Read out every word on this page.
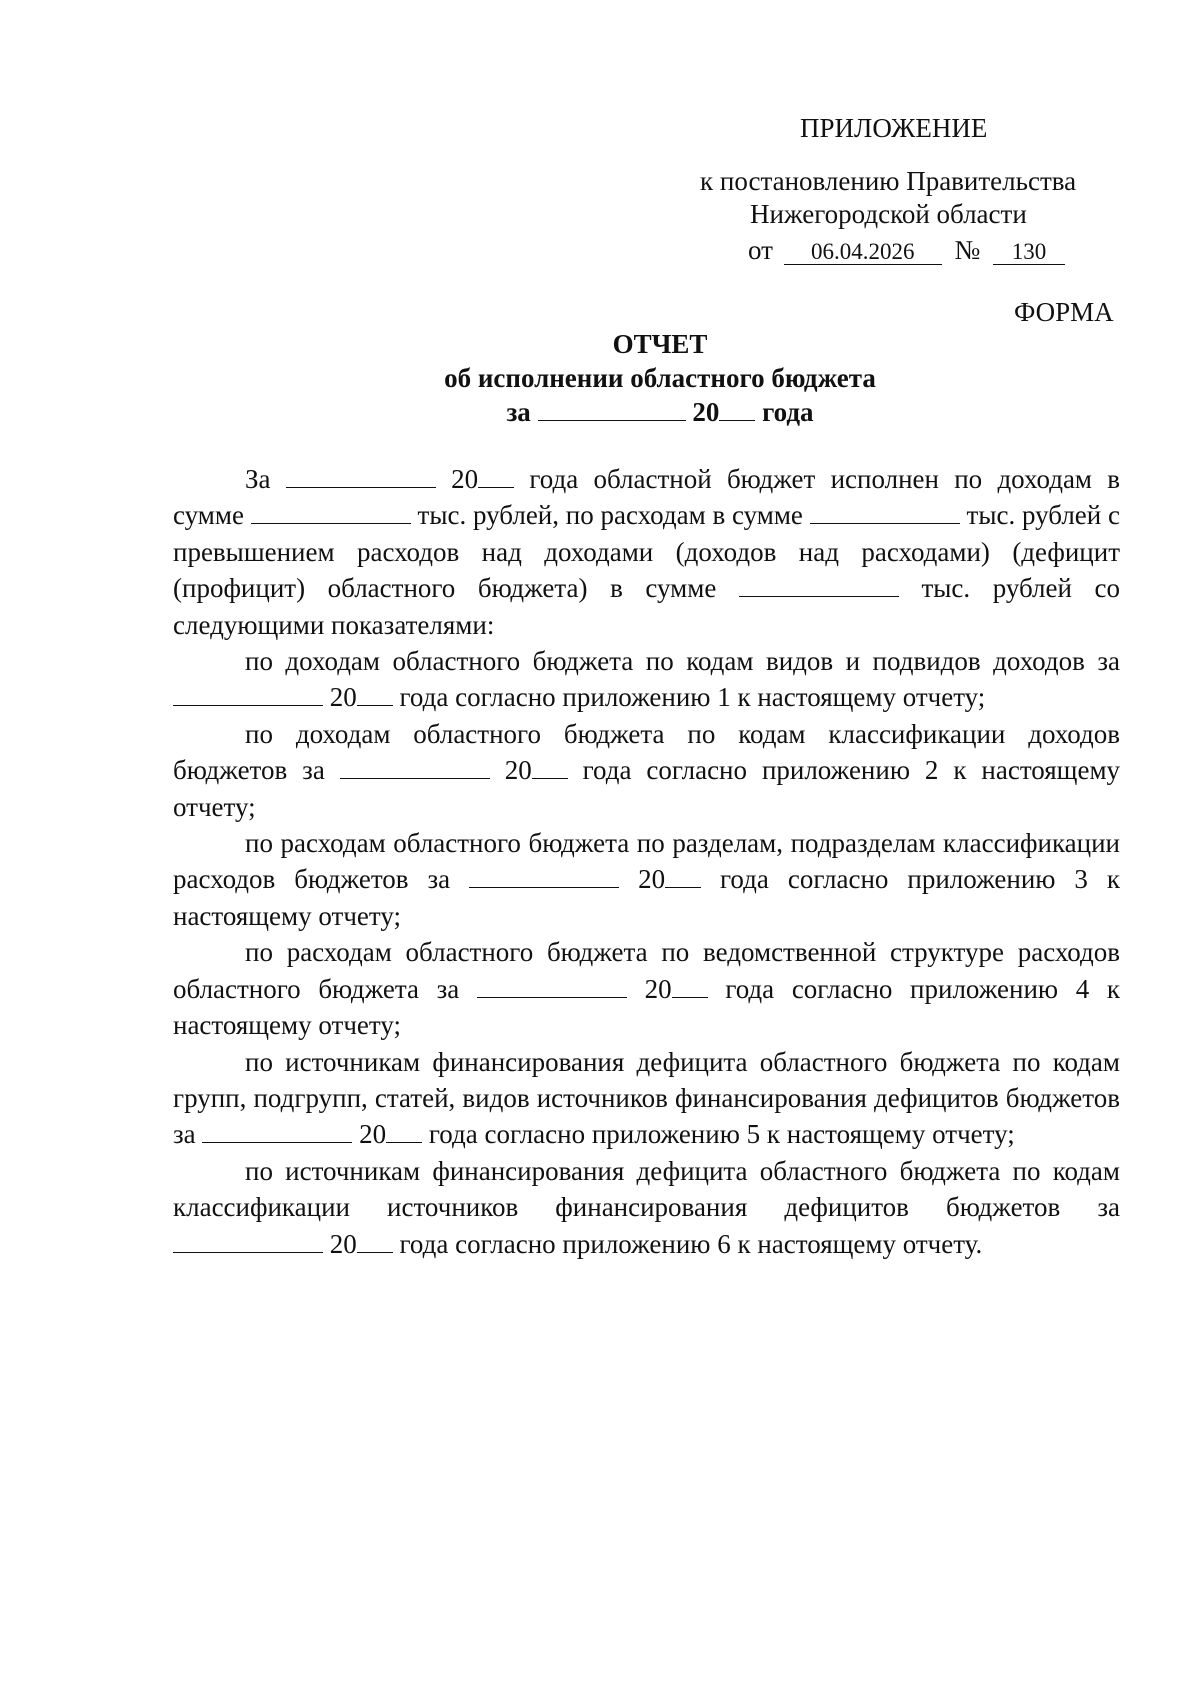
ПРИЛОЖЕНИЕ
к постановлению Правительства
Нижегородской области
от 06.04.2026 № 130
ФОРМА
ОТЧЕТ
об исполнении областного бюджета
за	20 года

За	20 года областной бюджет исполнен по доходам в сумме	тыс. рублей, по расходам в сумме	тыс. рублей с превышением расходов над доходами (доходов над расходами) (дефицит (профицит) областного бюджета) в сумме	тыс. рублей со следующими показателями:

по доходам областного бюджета по кодам видов и подвидов доходов за  20 года согласно приложению 1 к настоящему отчету;

по доходам областного бюджета по кодам классификации доходов бюджетов за	20 года согласно приложению 2 к настоящему отчету;

по расходам областного бюджета по разделам, подразделам классификации расходов бюджетов за	20 года согласно приложению 3 к настоящему отчету;

по расходам областного бюджета по ведомственной структуре расходов областного бюджета за	20 года согласно приложению 4 к настоящему отчету;

по источникам финансирования дефицита областного бюджета по кодам групп, подгрупп, статей, видов источников финансирования дефицитов бюджетов за	20 года согласно приложению 5 к настоящему отчету;

по источникам финансирования дефицита областного бюджета по кодам классификации источников финансирования дефицитов бюджетов за  20 года согласно приложению 6 к настоящему отчету.
